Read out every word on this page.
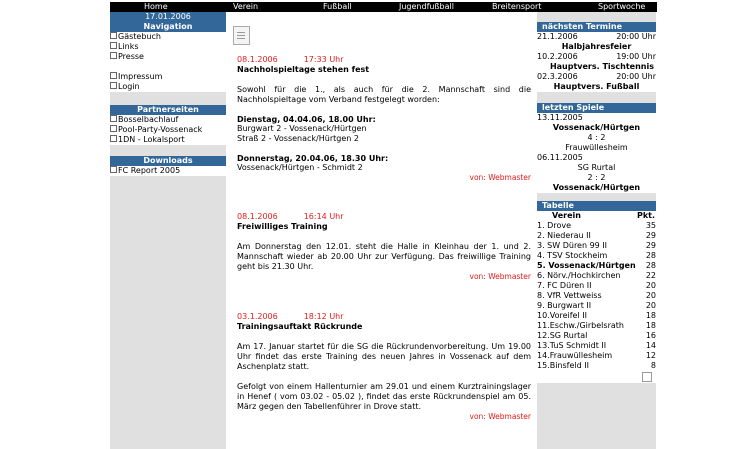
Home	Verein	Fußball	Jugendfußball	Breitensport	Sportwoche
17.01.2006
Navigation
Gästebuch
Links
Presse
Impressum
Login
Partnerseiten
Bosselbachlauf
Pool-Party-Vossenack
1DN - Lokalsport
Downloads
FC Report 2005
08.1.2006	17:33 Uhr
Nachholspieltage stehen fest

Sowohl für die 1., als auch für die 2. Mannschaft sind die Nachholspieltage vom Verband festgelegt worden:

Dienstag, 04.04.06, 18.00 Uhr:

Burgwart 2 - Vossenack/Hürtgen

Straß 2 - Vossenack/Hürtgen 2

Donnerstag, 20.04.06, 18.30 Uhr:

Vossenack/Hürtgen - Schmidt 2

von: Webmaster
08.1.2006	16:14 Uhr
Freiwilliges Training

Am Donnerstag den 12.01. steht die Halle in Kleinhau der 1. und 2. Mannschaft wieder ab 20.00 Uhr zur Verfügung. Das freiwillige Training geht bis 21.30 Uhr.

von: Webmaster
03.1.2006	18:12 Uhr
Trainingsauftakt Rückrunde

Am 17. Januar startet für die SG die Rückrundenvorbereitung. Um 19.00 Uhr findet das erste Training des neuen Jahres in Vossenack auf dem Aschenplatz statt.

Gefolgt von einem Hallenturnier am 29.01 und einem Kurztrainingslager in Henef ( vom 03.02 - 05.02 ), findet das erste Rückrundenspiel am 05. März gegen den Tabellenführer in Drove statt.

von: Webmaster
nächsten Termine
21.1.2006	20:00 Uhr
Halbjahresfeier
10.2.2006	19:00 Uhr
Hauptvers. Tischtennis
02.3.2006	20:00 Uhr
Hauptvers. Fußball
letzten Spiele
13.11.2005
Vossenack/Hürtgen
4 : 2
Frauwüllesheim
06.11.2005
SG Rurtal
2 : 2
Vossenack/Hürtgen
Tabelle
Verein	Pkt.
1. Drove	35
2. Niederau II	29
3. SW Düren 99 II	29
4. TSV Stockheim	28
5. Vossenack/Hürtgen	28
6. Nörv./Hochkirchen	22
7. FC Düren II	20
8. VfR Vettweiss	20
9. Burgwart II	20
10.Voreifel II	18
11.Eschw./Girbelsrath	18
12.SG Rurtal	16
13.TuS Schmidt II	14
14.Frauwüllesheim	12
15.Binsfeld II	8
